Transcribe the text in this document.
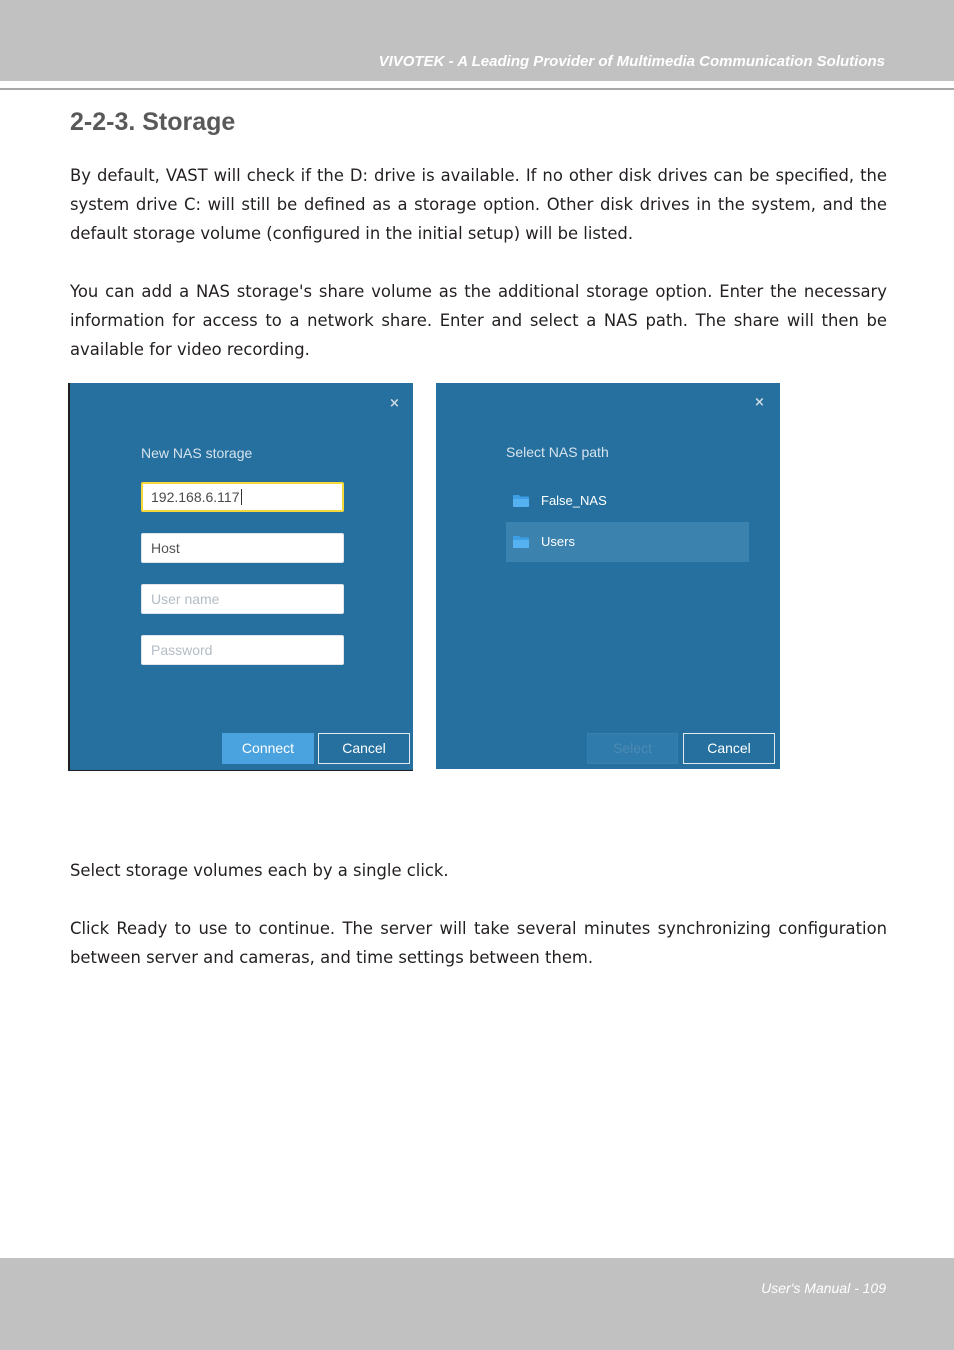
VIVOTEK - A Leading Provider of Multimedia Communication Solutions
2-2-3. Storage

By default, VAST will check if the D: drive is available. If no other disk drives can be specified, the system drive C: will still be defined as a storage option. Other disk drives in the system, and the default storage volume (configured in the initial setup) will be listed.

You can add a NAS storage's share volume as the additional storage option. Enter the necessary information for access to a network share. Enter and select a NAS path. The share will then be available for video recording.

×
New NAS storage
192.168.6.117
Host
User name
Password
Connect	Cancel
×
Select NAS path
False_NAS
Users
Select	Cancel

Select storage volumes each by a single click.

Click Ready to use to continue. The server will take several minutes synchronizing configuration between server and cameras, and time settings between them.

User's Manual - 109
